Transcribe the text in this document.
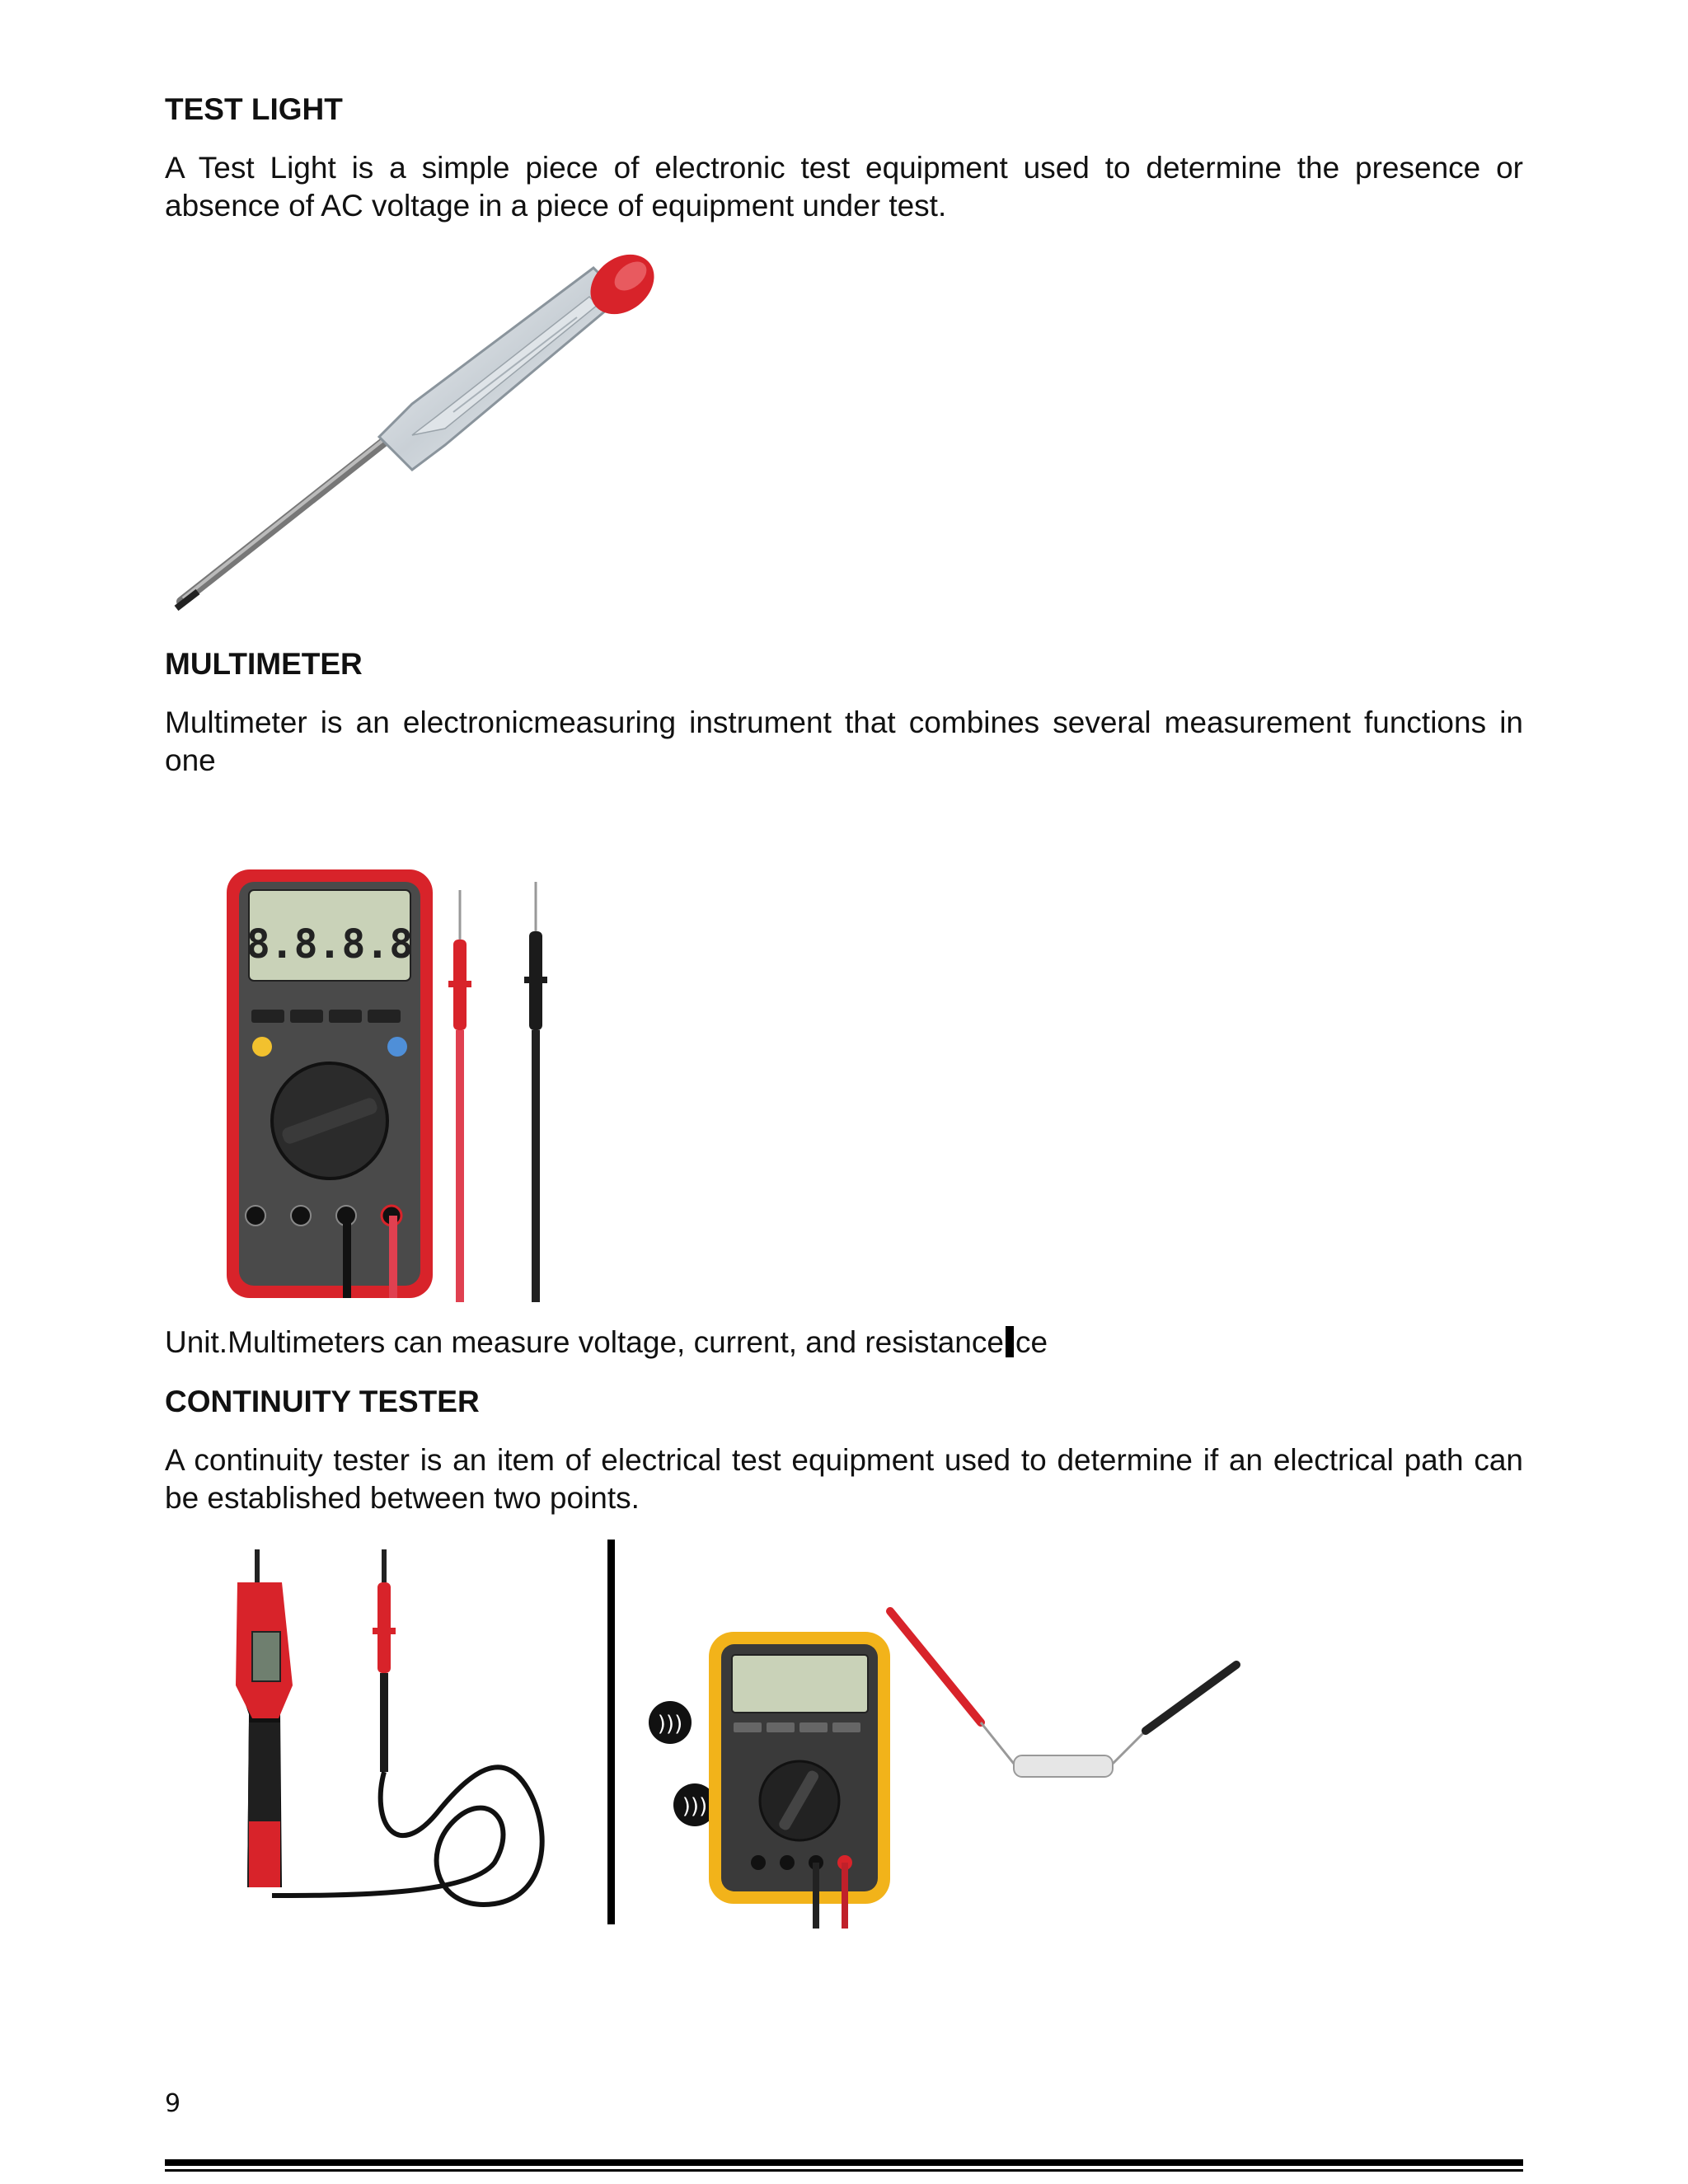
TEST LIGHT

A Test Light is a simple piece of electronic test equipment used to determine the presence or absence of AC voltage in a piece of equipment under test.

MULTIMETER

Multimeter is an electronicmeasuring instrument that combines several measurement functions in one

8.8.8.8

Unit.Multimeters can measure voltage, current, and resistance ce

CONTINUITY TESTER

A continuity tester is an item of electrical test equipment used to determine if an electrical path can be established between two points.

)))
)))
9
